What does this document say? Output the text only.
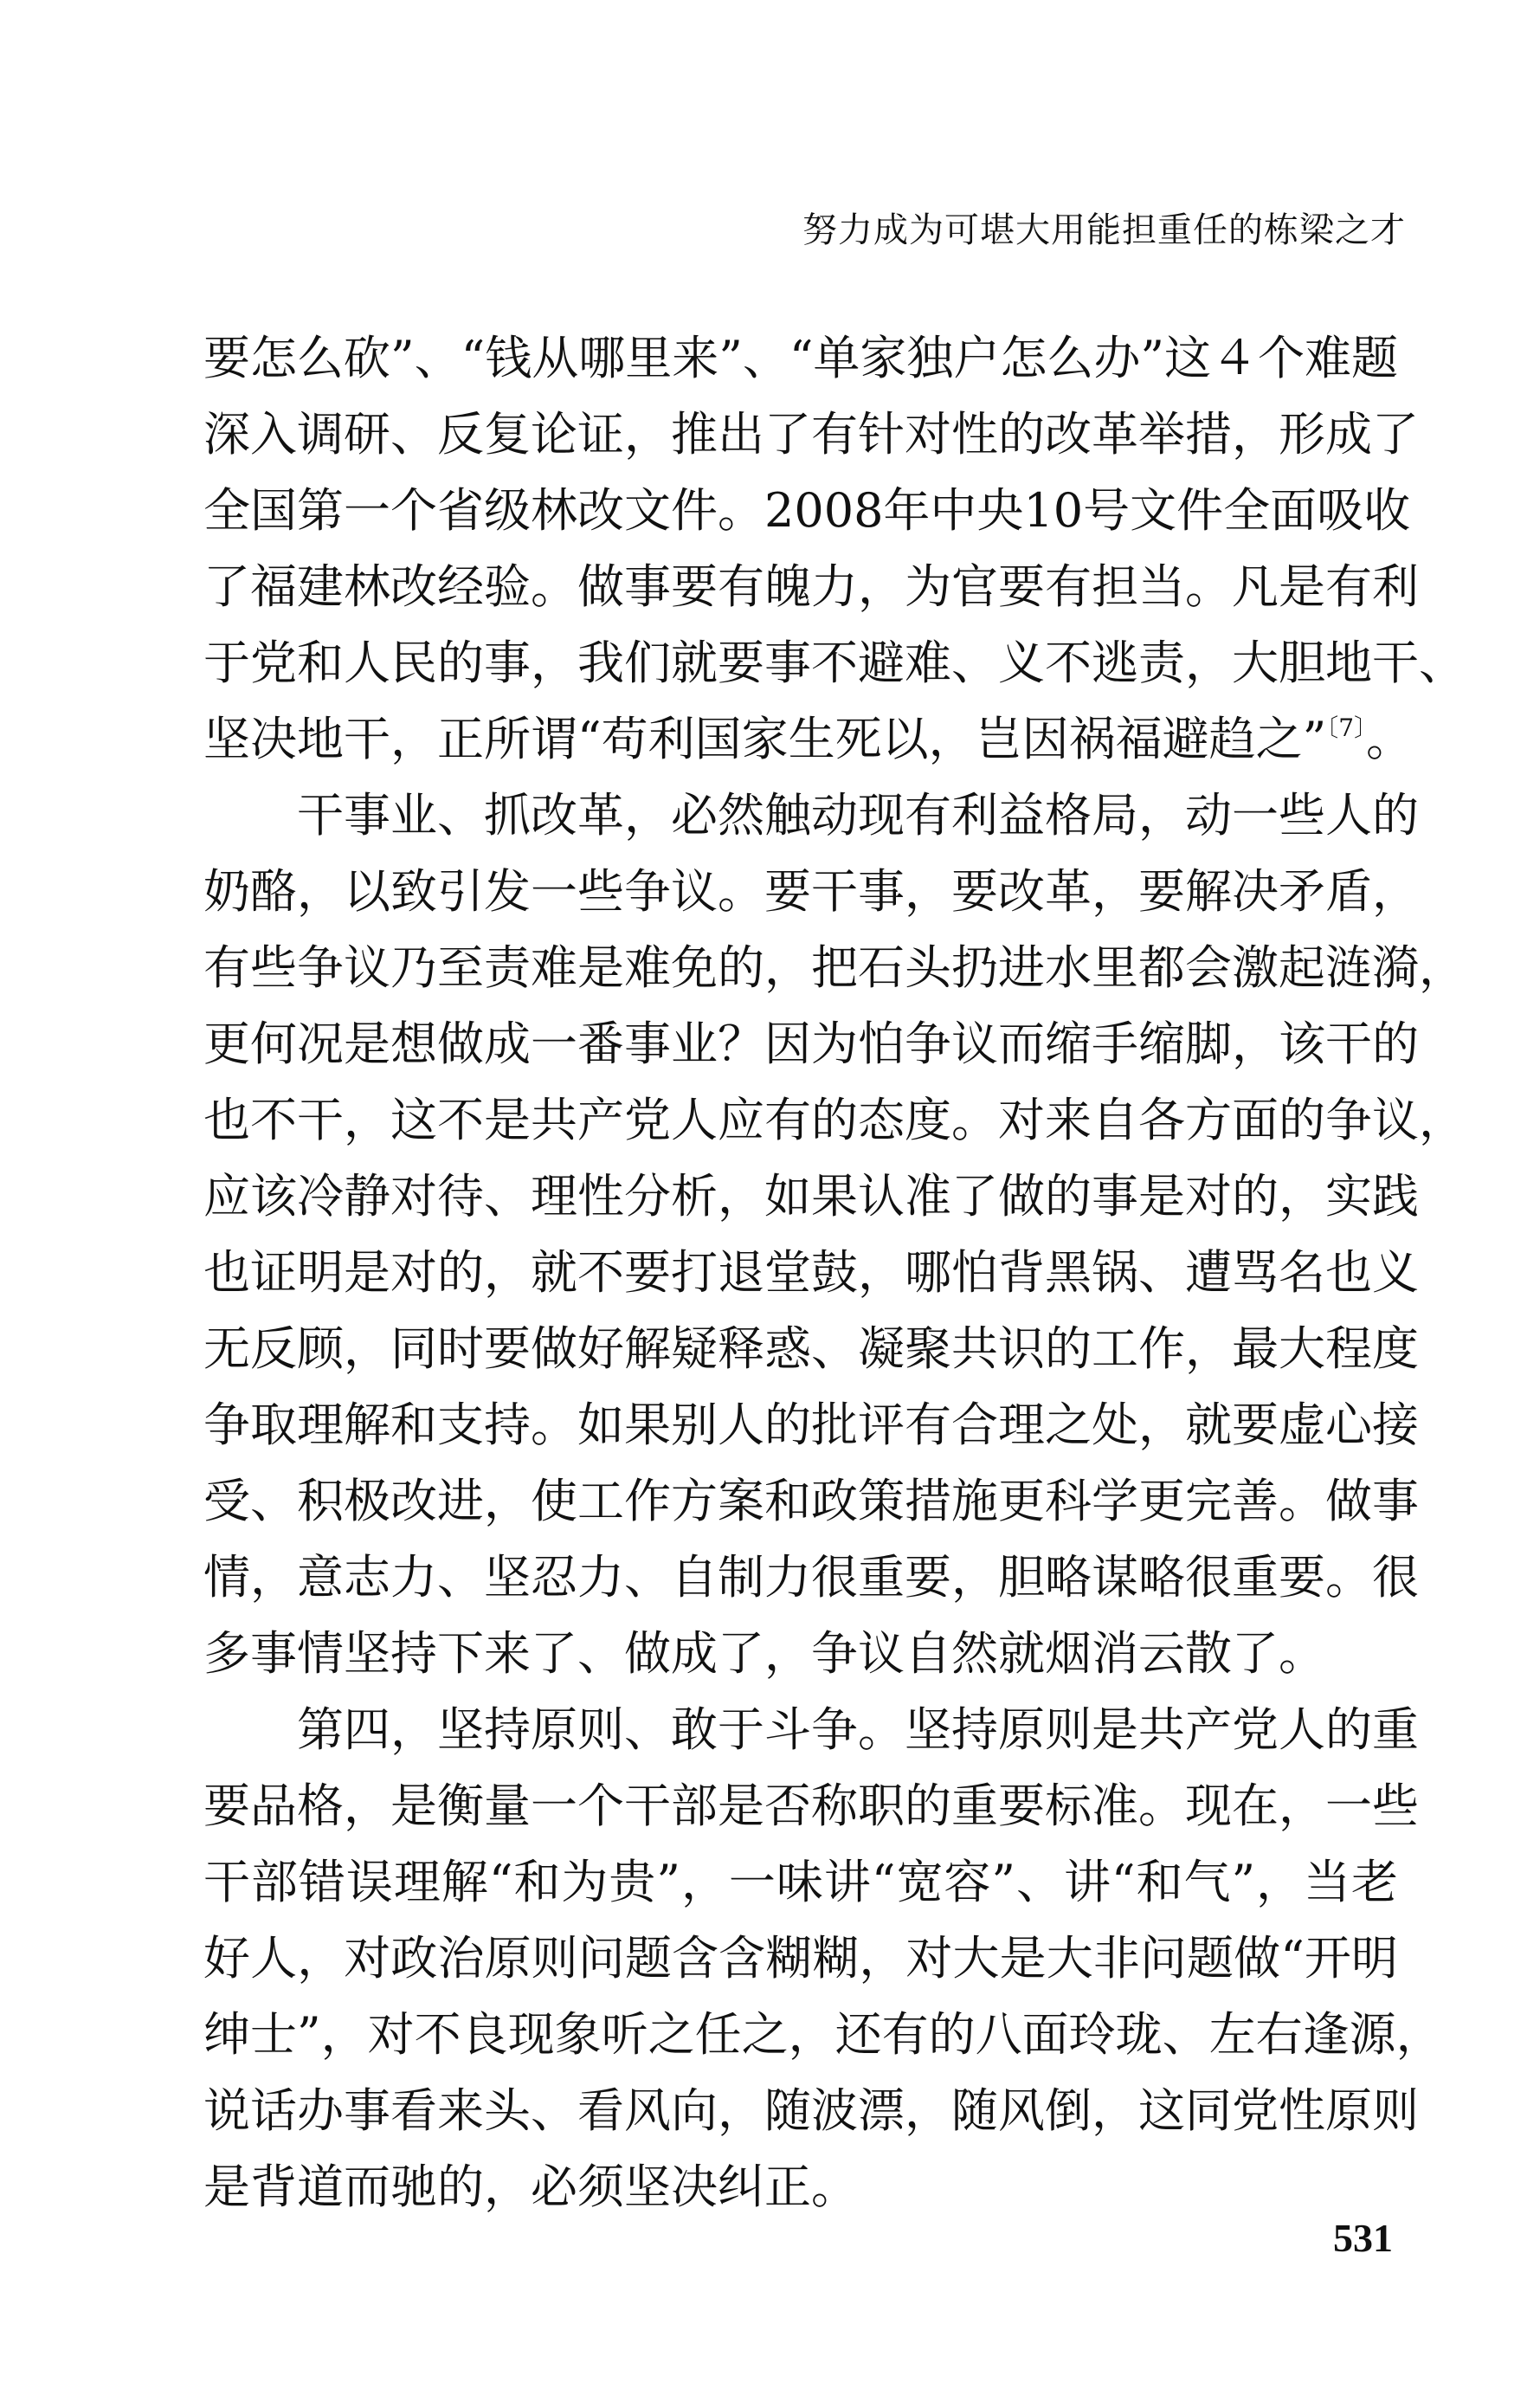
努力成为可堪大用能担重任的栋梁之才
要怎么砍”、“钱从哪里来”、“单家独户怎么办”这４个难题
深入调研、反复论证，推出了有针对性的改革举措，形成了
全国第一个省级林改文件。2008年中央10号文件全面吸收
了福建林改经验。做事要有魄力，为官要有担当。凡是有利
于党和人民的事，我们就要事不避难、义不逃责，大胆地干、
坚决地干，正所谓“苟利国家生死以，岂因祸福避趋之”$^{〔7〕}$。
干事业、抓改革，必然触动现有利益格局，动一些人的
奶酪，以致引发一些争议。要干事，要改革，要解决矛盾，
有些争议乃至责难是难免的，把石头扔进水里都会激起涟漪，
更何况是想做成一番事业？因为怕争议而缩手缩脚，该干的
也不干，这不是共产党人应有的态度。对来自各方面的争议，
应该冷静对待、理性分析，如果认准了做的事是对的，实践
也证明是对的，就不要打退堂鼓，哪怕背黑锅、遭骂名也义
无反顾，同时要做好解疑释惑、凝聚共识的工作，最大程度
争取理解和支持。如果别人的批评有合理之处，就要虚心接
受、积极改进，使工作方案和政策措施更科学更完善。做事
情，意志力、坚忍力、自制力很重要，胆略谋略很重要。很
多事情坚持下来了、做成了，争议自然就烟消云散了。
第四，坚持原则、敢于斗争。坚持原则是共产党人的重
要品格，是衡量一个干部是否称职的重要标准。现在，一些
干部错误理解“和为贵”，一味讲“宽容”、讲“和气”，当老
好人，对政治原则问题含含糊糊，对大是大非问题做“开明
绅士”，对不良现象听之任之，还有的八面玲珑、左右逢源，
说话办事看来头、看风向，随波漂，随风倒，这同党性原则
是背道而驰的，必须坚决纠正。
531
